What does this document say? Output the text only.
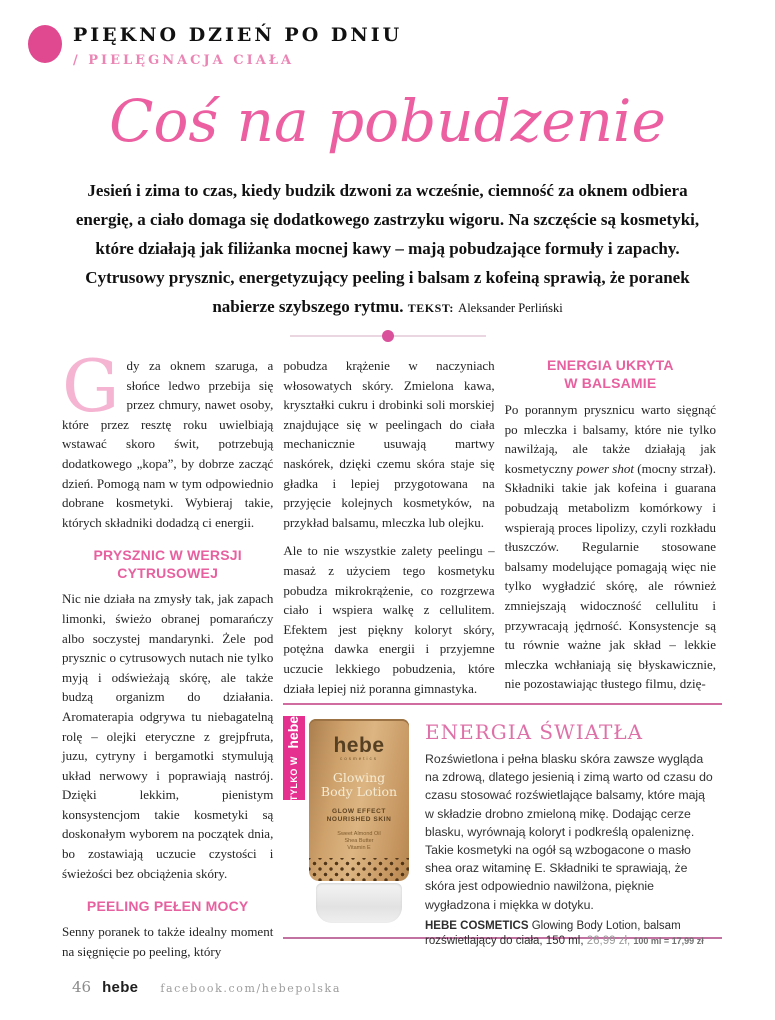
PIĘKNO DZIEŃ PO DNIU
/ PIELĘGNACJA CIAŁA
Coś na pobudzenie

Jesień i zima to czas, kiedy budzik dzwoni za wcześnie, ciemność za oknem odbiera energię, a ciało domaga się dodatkowego zastrzyku wigoru. Na szczęście są kosmetyki, które działają jak filiżanka mocnej kawy – mają pobudzające formuły i zapachy. Cytrusowy prysznic, energetyzujący peeling i balsam z kofeiną sprawią, że poranek nabierze szybszego rytmu. TEKST: Aleksander Perliński

Gdy za oknem szaruga, a słońce ledwo przebija się przez chmury, nawet osoby, które przez resztę roku uwielbiają wstawać skoro świt, potrzebują dodatkowego „kopa”, by dobrze zacząć dzień. Pomogą nam w tym odpowiednio dobrane kosmetyki. Wybieraj takie, których składniki dodadzą ci energii.

PRYSZNIC W WERSJI
CYTRUSOWEJ

Nic nie działa na zmysły tak, jak zapach limonki, świeżo obranej pomarańczy albo soczystej mandarynki. Żele pod prysznic o cytrusowych nutach nie tylko myją i odświeżają skórę, ale także budzą organizm do działania. Aromaterapia odgrywa tu niebagatelną rolę – olejki eteryczne z grejpfruta, juzu, cytryny i bergamotki stymulują układ nerwowy i poprawiają nastrój. Dzięki lekkim, pienistym konsystencjom takie kosmetyki są doskonałym wyborem na początek dnia, bo zostawiają uczucie czystości i świeżości bez obciążenia skóry.

PEELING PEŁEN MOCY

Senny poranek to także idealny moment na sięgnięcie po peeling, który

pobudza krążenie w naczyniach włosowatych skóry. Zmielona kawa, kryształki cukru i drobinki soli morskiej znajdujące się w peelingach do ciała mechanicznie usuwają martwy naskórek, dzięki czemu skóra staje się gładka i lepiej przygotowana na przyjęcie kolejnych kosmetyków, na przykład balsamu, mleczka lub olejku.

Ale to nie wszystkie zalety peelingu – masaż z użyciem tego kosmetyku pobudza mikrokrążenie, co rozgrzewa ciało i wspiera walkę z cellulitem. Efektem jest piękny koloryt skóry, potężna dawka energii i przyjemne uczucie lekkiego pobudzenia, które działa lepiej niż poranna gimnastyka.

ENERGIA UKRYTA
W BALSAMIE

Po porannym prysznicu warto sięgnąć po mleczka i balsamy, które nie tylko nawilżają, ale także działają jak kosmetyczny power shot (mocny strzał). Składniki takie jak kofeina i guarana pobudzają metabolizm komórkowy i wspierają proces lipolizy, czyli rozkładu tłuszczów. Regularnie stosowane balsamy modelujące pomagają więc nie tylko wygładzić skórę, ale również zmniejszają widoczność cellulitu i przywracają jędrność. Konsystencje są tu równie ważne jak skład – lekkie mleczka wchłaniają się błyskawicznie, nie pozostawiając tłustego filmu, dzię-

TYLKO W hebe	hebe
cosmetics
Glowing
Body Lotion
GLOW EFFECT
NOURISHED SKIN
Sweet Almond Oil
Shea Butter
Vitamin E
ENERGIA ŚWIATŁA

Rozświetlona i pełna blasku skóra zawsze wygląda na zdrową, dlatego jesienią i zimą warto od czasu do czasu stosować rozświetlające balsamy, które mają w składzie drobno zmieloną mikę. Dodając cerze blasku, wyrównają koloryt i podkreślą opaleniznę. Takie kosmetyki na ogół są wzbogacone o masło shea oraz witaminę E. Składniki te sprawiają, że skóra jest odpowiednio nawilżona, pięknie wygładzona i miękka w dotyku.

HEBE COSMETICS Glowing Body Lotion, balsam rozświetlający do ciała, 150 ml, 26,99 zł, 100 ml = 17,99 zł

46 hebe facebook.com/hebepolska
